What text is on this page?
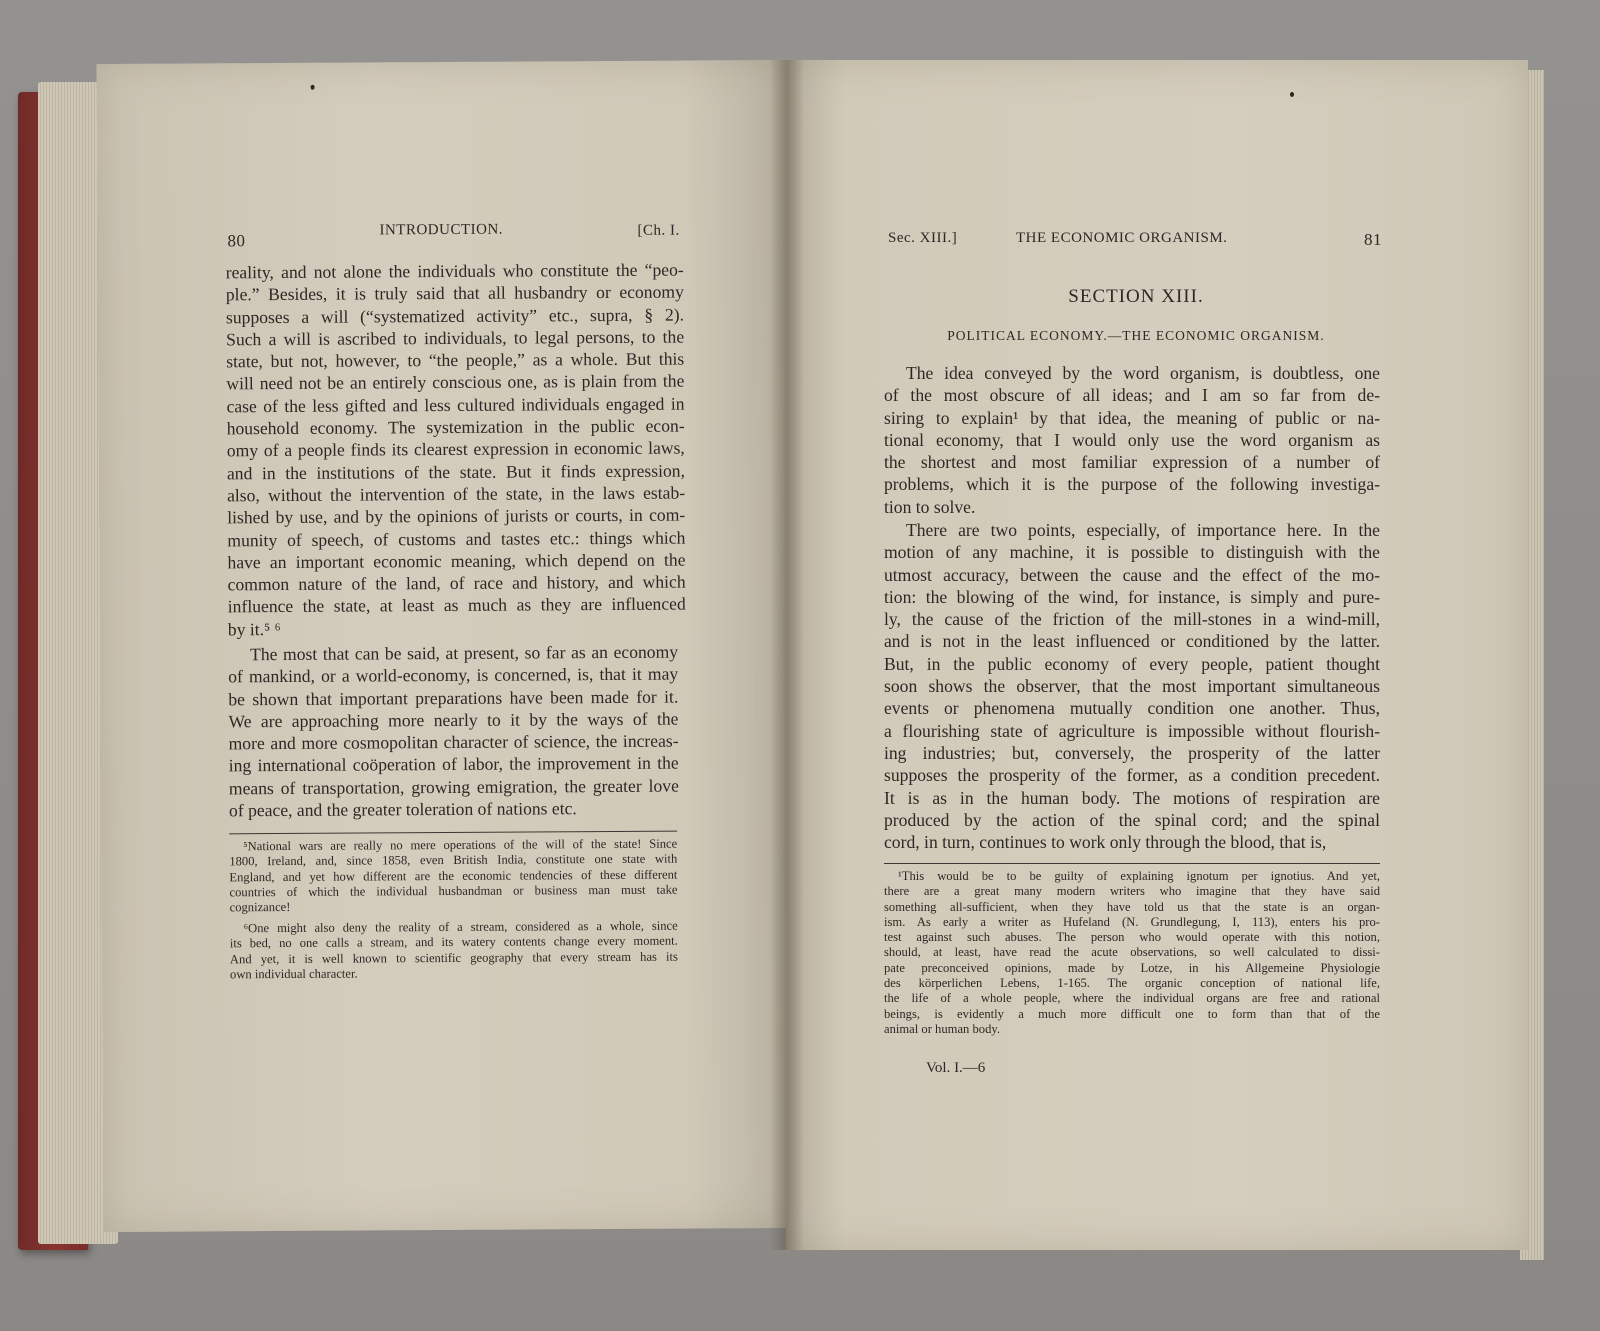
80
INTRODUCTION.	[Ch. I.
reality, and not alone the individuals who constitute the “peo-
ple.” Besides, it is truly said that all husbandry or economy
supposes a will (“systematized activity” etc., supra, § 2).
Such a will is ascribed to individuals, to legal persons, to the
state, but not, however, to “the people,” as a whole. But this
will need not be an entirely conscious one, as is plain from the
case of the less gifted and less cultured individuals engaged in
household economy. The systemization in the public econ-
omy of a people finds its clearest expression in economic laws,
and in the institutions of the state. But it finds expression,
also, without the intervention of the state, in the laws estab-
lished by use, and by the opinions of jurists or courts, in com-
munity of speech, of customs and tastes etc.: things which
have an important economic meaning, which depend on the
common nature of the land, of race and history, and which
influence the state, at least as much as they are influenced
by it.⁵ ⁶
The most that can be said, at present, so far as an economy
of mankind, or a world-economy, is concerned, is, that it may
be shown that important preparations have been made for it.
We are approaching more nearly to it by the ways of the
more and more cosmopolitan character of science, the increas-
ing international coöperation of labor, the improvement in the
means of transportation, growing emigration, the greater love
of peace, and the greater toleration of nations etc.
⁵National wars are really no mere operations of the will of the state! Since
1800, Ireland, and, since 1858, even British India, constitute one state with
England, and yet how different are the economic tendencies of these different
countries of which the individual husbandman or business man must take
cognizance!
⁶One might also deny the reality of a stream, considered as a whole, since
its bed, no one calls a stream, and its watery contents change every moment.
And yet, it is well known to scientific geography that every stream has its
own individual character.
Sec. XIII.]	THE ECONOMIC ORGANISM.	81
SECTION XIII.
POLITICAL ECONOMY.—THE ECONOMIC ORGANISM.
The idea conveyed by the word organism, is doubtless, one
of the most obscure of all ideas; and I am so far from de-
siring to explain¹ by that idea, the meaning of public or na-
tional economy, that I would only use the word organism as
the shortest and most familiar expression of a number of
problems, which it is the purpose of the following investiga-
tion to solve.
There are two points, especially, of importance here. In the
motion of any machine, it is possible to distinguish with the
utmost accuracy, between the cause and the effect of the mo-
tion: the blowing of the wind, for instance, is simply and pure-
ly, the cause of the friction of the mill-stones in a wind-mill,
and is not in the least influenced or conditioned by the latter.
But, in the public economy of every people, patient thought
soon shows the observer, that the most important simultaneous
events or phenomena mutually condition one another. Thus,
a flourishing state of agriculture is impossible without flourish-
ing industries; but, conversely, the prosperity of the latter
supposes the prosperity of the former, as a condition precedent.
It is as in the human body. The motions of respiration are
produced by the action of the spinal cord; and the spinal
cord, in turn, continues to work only through the blood, that is,
¹This would be to be guilty of explaining ignotum per ignotius. And yet,
there are a great many modern writers who imagine that they have said
something all-sufficient, when they have told us that the state is an organ-
ism. As early a writer as Hufeland (N. Grundlegung, I, 113), enters his pro-
test against such abuses. The person who would operate with this notion,
should, at least, have read the acute observations, so well calculated to dissi-
pate preconceived opinions, made by Lotze, in his Allgemeine Physiologie
des körperlichen Lebens, 1-165. The organic conception of national life,
the life of a whole people, where the individual organs are free and rational
beings, is evidently a much more difficult one to form than that of the
animal or human body.
Vol. I.—6
